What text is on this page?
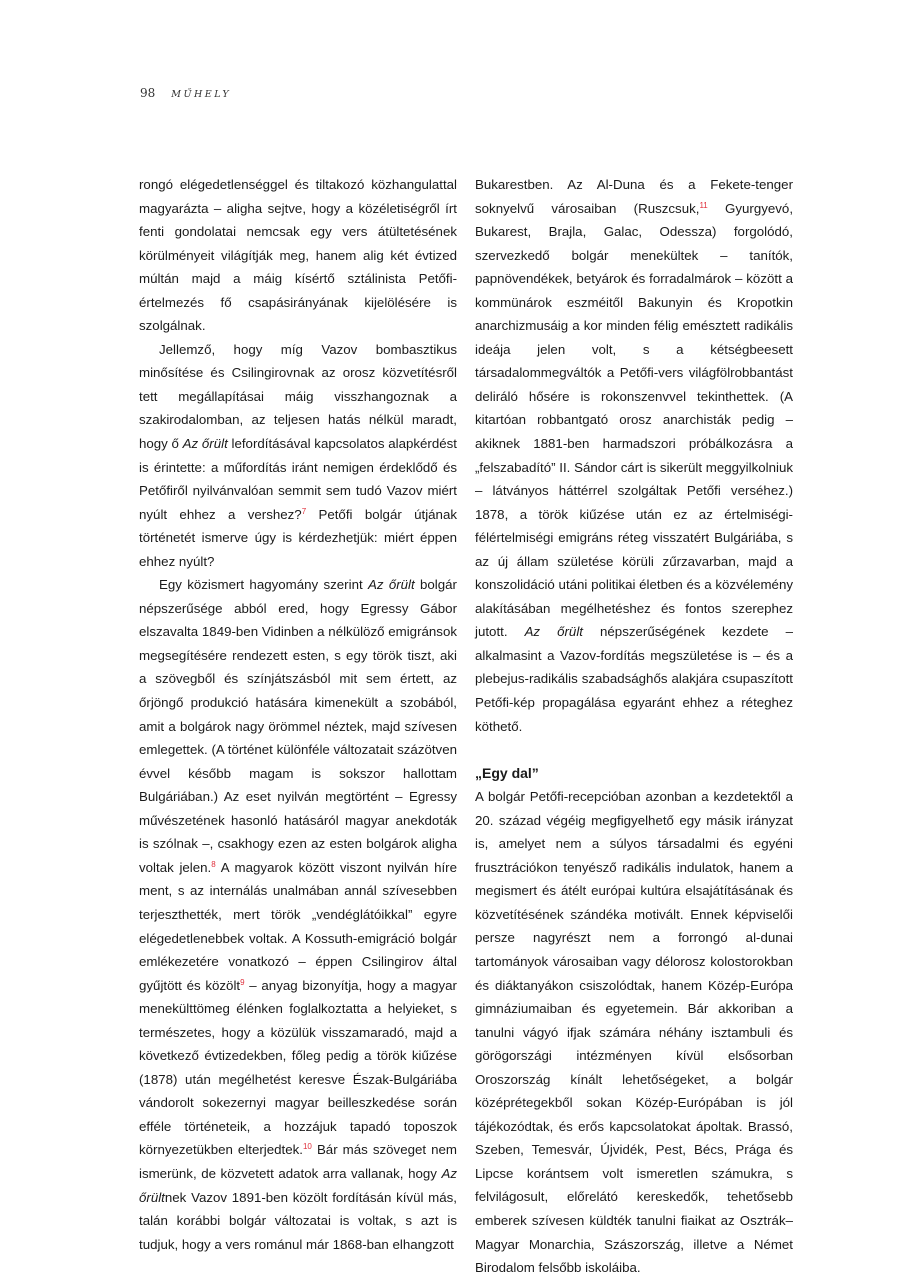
98 MŰHELY

rongó elégedetlenséggel és tiltakozó közhangulattal magyarázta – aligha sejtve, hogy a közéletiségről írt fenti gondolatai nemcsak egy vers átültetésének körülményeit világítják meg, hanem alig két évtized múltán majd a máig kísértő sztálinista Petőfi-értelmezés fő csapásirányának kijelölésére is szolgálnak.

Jellemző, hogy míg Vazov bombasztikus minősítése és Csilingirovnak az orosz közvetítésről tett megállapításai máig visszhangoznak a szakirodalomban, az teljesen hatás nélkül maradt, hogy ő Az őrült lefordításával kapcsolatos alapkérdést is érintette: a műfordítás iránt nemigen érdeklődő és Petőfiről nyilvánvalóan semmit sem tudó Vazov miért nyúlt ehhez a vershez?$^7$ Petőfi bolgár útjának történetét ismerve úgy is kérdezhetjük: miért éppen ehhez nyúlt?

Egy közismert hagyomány szerint Az őrült bolgár népszerűsége abból ered, hogy Egressy Gábor elszavalta 1849-ben Vidinben a nélkülöző emigránsok megsegítésére rendezett esten, s egy török tiszt, aki a szövegből és színjátszásból mit sem értett, az őrjöngő produkció hatására kimenekült a szobából, amit a bolgárok nagy örömmel néztek, majd szívesen emlegettek. (A történet különféle változatait százötven évvel később magam is sokszor hallottam Bulgáriában.) Az eset nyilván megtörtént – Egressy művészetének hasonló hatásáról magyar anekdoták is szólnak –, csakhogy ezen az esten bolgárok aligha voltak jelen.$^8$ A magyarok között viszont nyilván híre ment, s az internálás unalmában annál szívesebben terjeszthették, mert török „vendéglátóikkal” egyre elégedetlenebbek voltak. A Kossuth-emigráció bolgár emlékezetére vonatkozó – éppen Csilingirov által gyűjtött és közölt$^9$ – anyag bizonyítja, hogy a magyar menekülttömeg élénken foglalkoztatta a helyieket, s természetes, hogy a közülük visszamaradó, majd a következő évtizedekben, főleg pedig a török kiűzése (1878) után megélhetést keresve Észak-Bulgáriába vándorolt sokezernyi magyar beilleszkedése során efféle történeteik, a hozzájuk tapadó toposzok környezetükben elterjedtek.$^{10}$ Bár más szöveget nem ismerünk, de közvetett adatok arra vallanak, hogy Az őrültnek Vazov 1891-ben közölt fordításán kívül más, talán korábbi bolgár változatai is voltak, s azt is tudjuk, hogy a vers románul már 1868-ban elhangzott

Bukarestben. Az Al-Duna és a Fekete-tenger soknyelvű városaiban (Ruszcsuk,$^{11}$ Gyurgyevó, Bukarest, Brajla, Galac, Odessza) forgolódó, szervezkedő bolgár menekültek – tanítók, papnövendékek, betyárok és forradalmárok – között a kommünárok eszméitől Bakunyin és Kropotkin anarchizmusáig a kor minden félig emésztett radikális ideája jelen volt, s a kétségbeesett társadalommegváltók a Petőfi-vers világfölrobbantást deliráló hősére is rokonszenvvel tekinthettek. (A kitartóan robbantgató orosz anarchisták pedig – akiknek 1881-ben harmadszori próbálkozásra a „felszabadító” II. Sándor cárt is sikerült meggyilkolniuk – látványos háttérrel szolgáltak Petőfi verséhez.) 1878, a török kiűzése után ez az értelmiségi-félértelmiségi emigráns réteg visszatért Bulgáriába, s az új állam születése körüli zűrzavarban, majd a konszolidáció utáni politikai életben és a közvélemény alakításában megélhetéshez és fontos szerephez jutott. Az őrült népszerűségének kezdete – alkalmasint a Vazov-fordítás megszületése is – és a plebejus-radikális szabadsághős alakjára csupaszított Petőfi-kép propagálása egyaránt ehhez a réteghez köthető.

„Egy dal”

A bolgár Petőfi-recepcióban azonban a kezdetektől a 20. század végéig megfigyelhető egy másik irányzat is, amelyet nem a súlyos társadalmi és egyéni frusztrációkon tenyésző radikális indulatok, hanem a megismert és átélt európai kultúra elsajátításának és közvetítésének szándéka motivált. Ennek képviselői persze nagyrészt nem a forrongó al-dunai tartományok városaiban vagy délorosz kolostorokban és diáktanyákon csiszolódtak, hanem Közép-Európa gimnáziumaiban és egyetemein. Bár akkoriban a tanulni vágyó ifjak számára néhány isztambuli és görögországi intézményen kívül elsősorban Oroszország kínált lehetőségeket, a bolgár középrétegekből sokan Közép-Európában is jól tájékozódtak, és erős kapcsolatokat ápoltak. Brassó, Szeben, Temesvár, Újvidék, Pest, Bécs, Prága és Lipcse korántsem volt ismeretlen számukra, s felvilágosult, előrelátó kereskedők, tehetősebb emberek szívesen küldték tanulni fiaikat az Osztrák–Magyar Monarchia, Szászország, illetve a Német Birodalom felsőbb iskoláiba.
